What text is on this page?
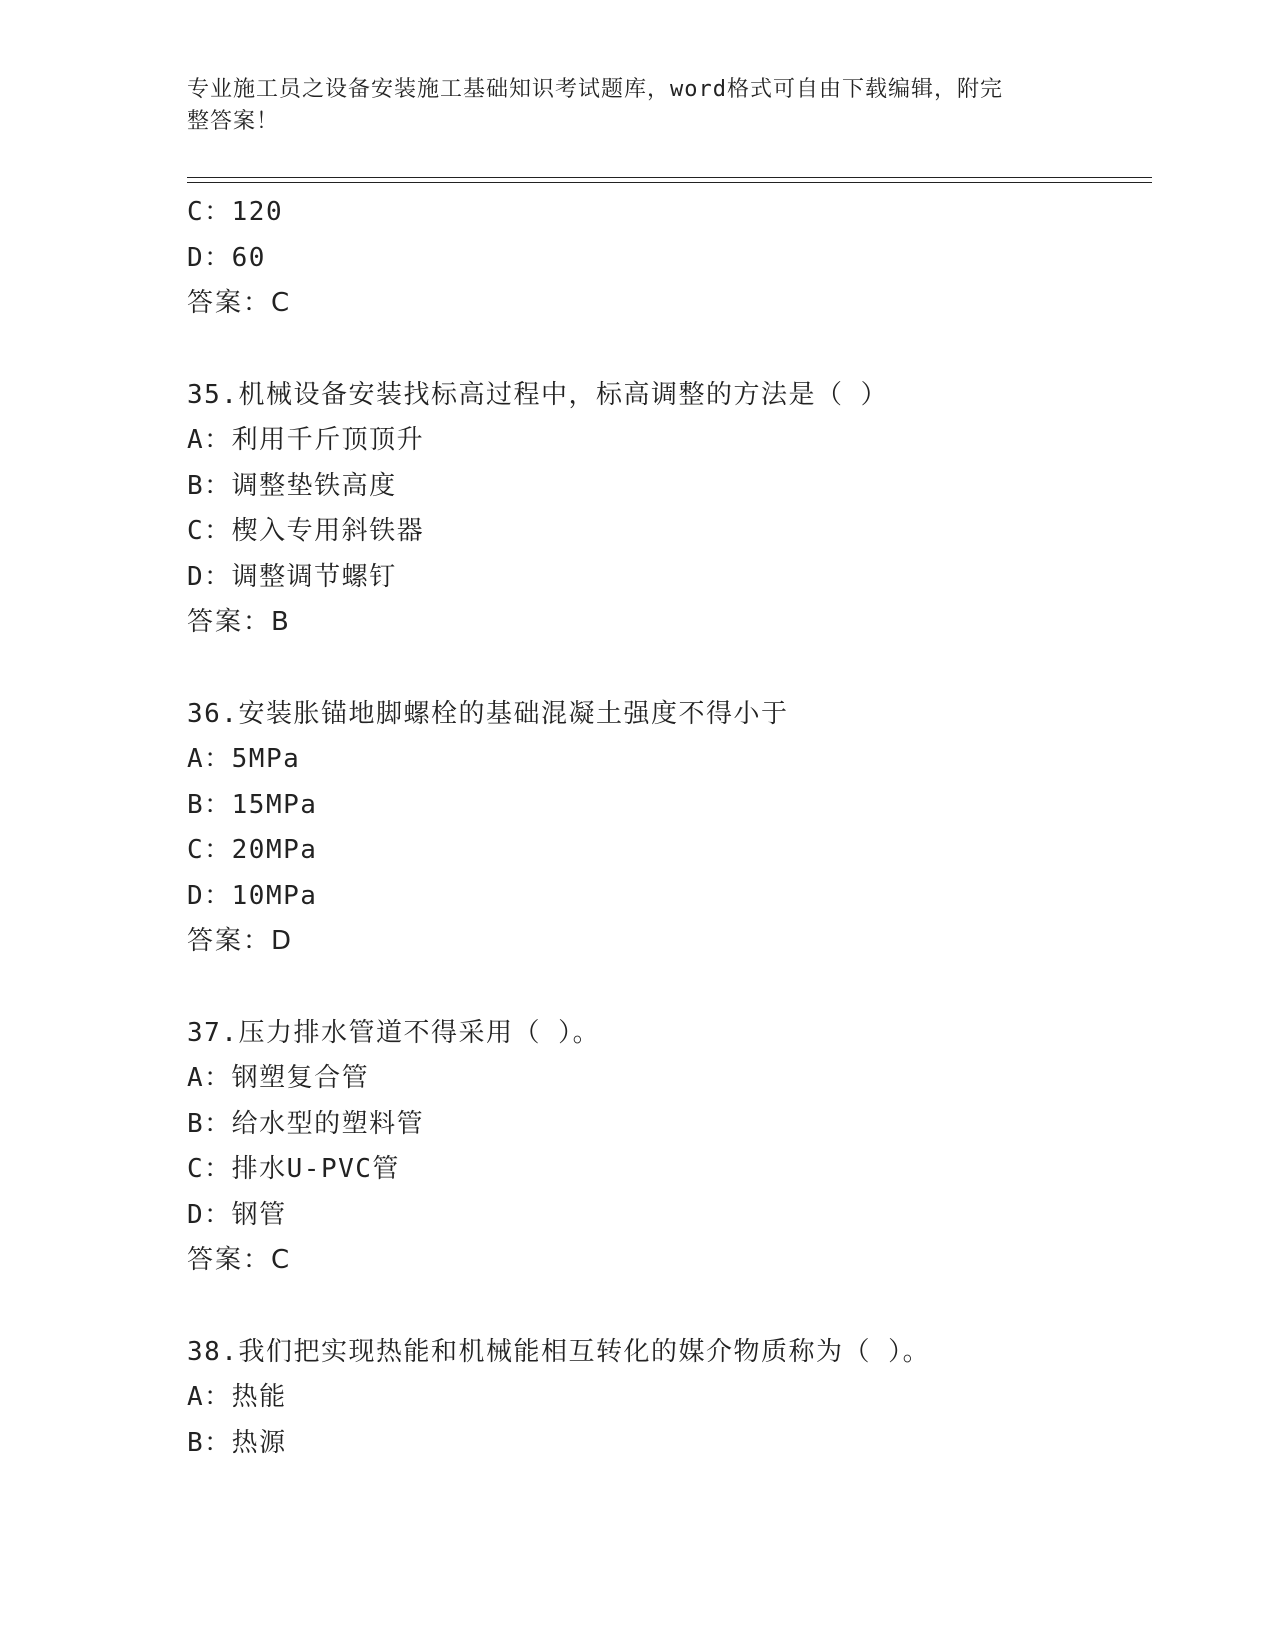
专业施工员之设备安装施工基础知识考试题库，word格式可自由下载编辑，附完
整答案！
C：120
D：60
答案：C
35.机械设备安装找标高过程中，标高调整的方法是（ ）
A：利用千斤顶顶升
B：调整垫铁高度
C：楔入专用斜铁器
D：调整调节螺钉
答案：B
36.安装胀锚地脚螺栓的基础混凝土强度不得小于
A：5MPa
B：15MPa
C：20MPa
D：10MPa
答案：D
37.压力排水管道不得采用（ ）。
A：钢塑复合管
B：给水型的塑料管
C：排水U-PVC管
D：钢管
答案：C
38.我们把实现热能和机械能相互转化的媒介物质称为（ ）。
A：热能
B：热源
